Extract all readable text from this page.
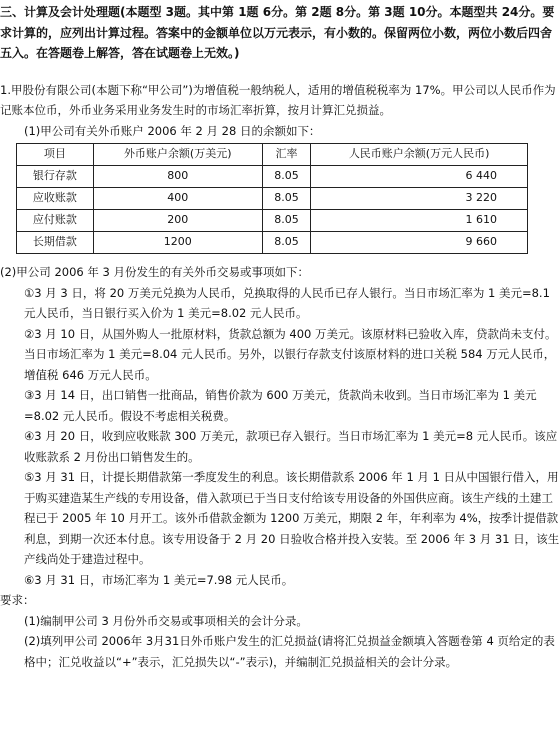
三、计算及会计处理题(本题型 3题。其中第 1题 6分。第 2题 8分。第 3题 10分。本题型共 24分。要求计算的，应列出计算过程。答案中的金额单位以万元表示，有小数的。保留两位小数，两位小数后四舍五入。在答题卷上解答，答在试题卷上无效。)

1.甲股份有限公司(本题下称“甲公司”)为增值税一般纳税人，适用的增值税税率为 17%。甲公司以人民币作为记账本位币，外币业务采用业务发生时的市场汇率折算，按月计算汇兑损益。

(1)甲公司有关外币账户 2006 年 2 月 28 日的余额如下：

项目	外币账户余额(万美元)	汇率	人民币账户余额(万元人民币)
银行存款	800	8.05	6 440
应收账款	400	8.05	3 220
应付账款	200	8.05	1 610
长期借款	1200	8.05	9 660

(2)甲公司 2006 年 3 月份发生的有关外币交易或事项如下：

①3 月 3 日，将 20 万美元兑换为人民币，兑换取得的人民币已存人银行。当日市场汇率为 1 美元=8.1 元人民币，当日银行买入价为 1 美元=8.02 元人民币。

②3 月 10 日，从国外购人一批原材料，货款总额为 400 万美元。该原材料已验收入库，贷款尚未支付。当日市场汇率为 1 美元=8.04 元人民币。另外，以银行存款支付该原材料的进口关税 584 万元人民币，增值税 646 万元人民币。

③3 月 14 日，出口销售一批商品，销售价款为 600 万美元，货款尚未收到。当日市场汇率为 1 美元=8.02 元人民币。假设不考虑相关税费。

④3 月 20 日，收到应收账款 300 万美元，款项已存入银行。当日市场汇率为 1 美元=8 元人民币。该应收账款系 2 月份出口销售发生的。

⑤3 月 31 日，计提长期借款第一季度发生的利息。该长期借款系 2006 年 1 月 1 日从中国银行借入，用于购买建造某生产线的专用设备，借入款项已于当日支付给该专用设备的外国供应商。该生产线的土建工程已于 2005 年 10 月开工。该外币借款金额为 1200 万美元，期限 2 年，年利率为 4%，按季计提借款利息，到期一次还本付息。该专用设备于 2 月 20 日验收合格并投入安装。至 2006 年 3 月 31 日，该生产线尚处于建造过程中。

⑥3 月 31 日，市场汇率为 1 美元=7.98 元人民币。

要求：

(1)编制甲公司 3 月份外币交易或事项相关的会计分录。

(2)填列甲公司 2006年 3月31日外币账户发生的汇兑损益(请将汇兑损益金额填入答题卷第 4 页给定的表格中；汇兑收益以“+”表示，汇兑损失以“-”表示)，并编制汇兑损益相关的会计分录。
